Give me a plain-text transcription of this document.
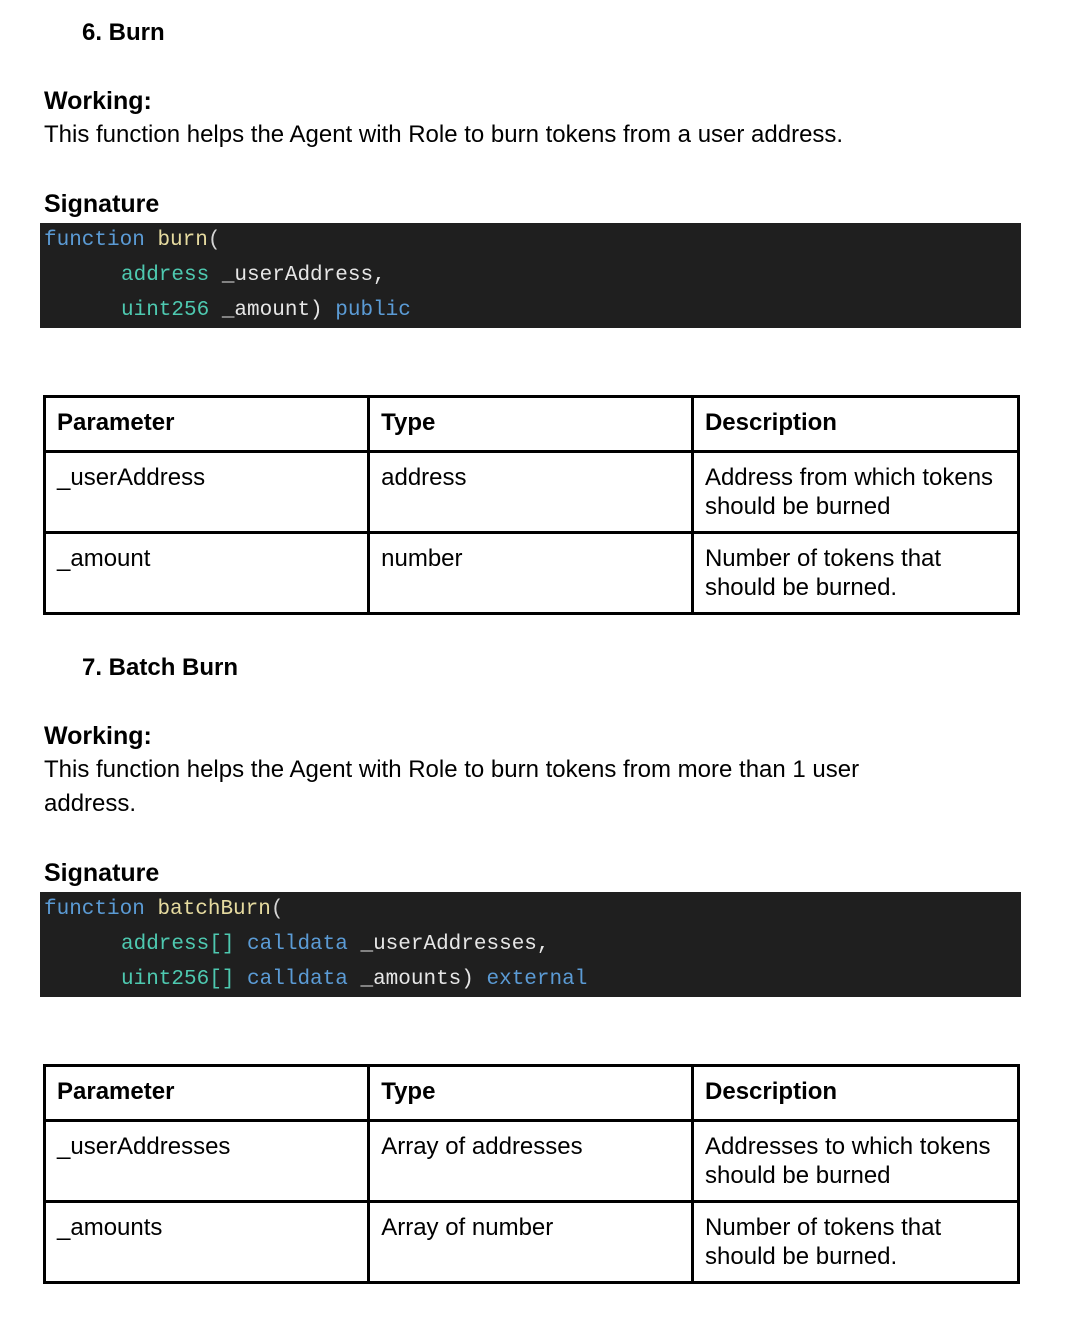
6. Burn

Working:

This function helps the Agent with Role to burn tokens from a user address.

Signature

function burn(
address _userAddress,
uint256 _amount) public
Parameter	Type	Description
_userAddress	address	Address from which tokens should be burned
_amount	number	Number of tokens that should be burned.
7. Batch Burn

Working:

This function helps the Agent with Role to burn tokens from more than 1 user address.

Signature

function batchBurn(
address[] calldata _userAddresses,
uint256[] calldata _amounts) external
Parameter	Type	Description
_userAddresses	Array of addresses	Addresses to which tokens should be burned
_amounts	Array of number	Number of tokens that should be burned.
